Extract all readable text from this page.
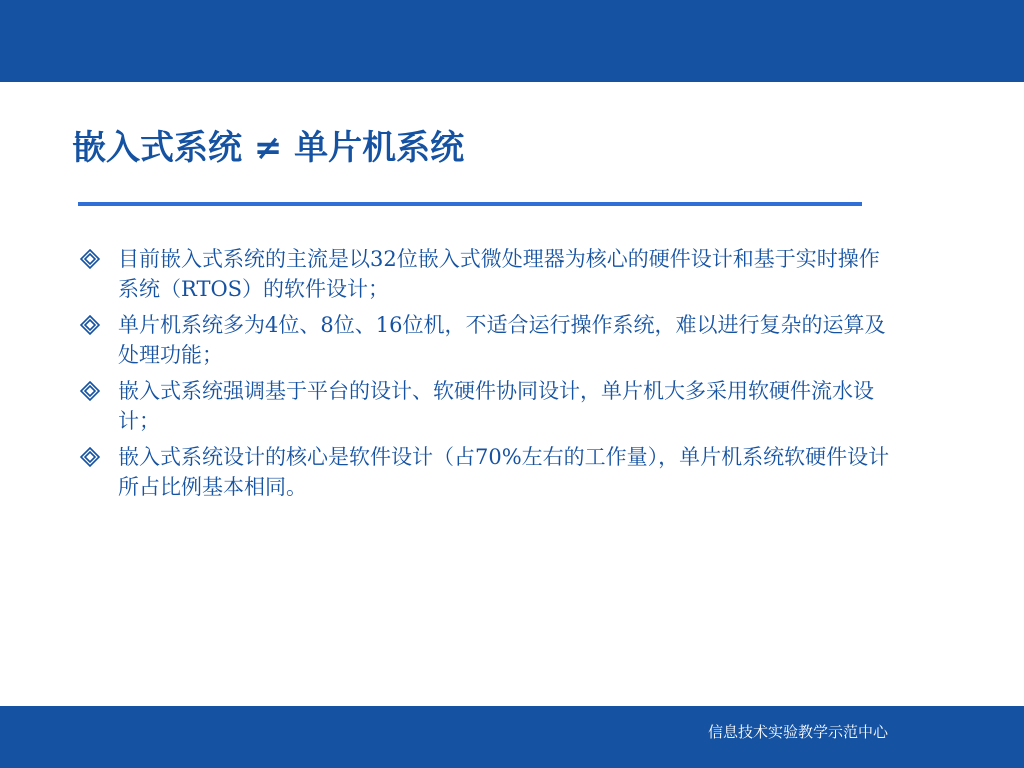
嵌入式系统 ≠ 单片机系统
目前嵌入式系统的主流是以32位嵌入式微处理器为核心的硬件设计和基于实时操作系统（RTOS）的软件设计；
单片机系统多为4位、8位、16位机，不适合运行操作系统，难以进行复杂的运算及处理功能；
嵌入式系统强调基于平台的设计、软硬件协同设计，单片机大多采用软硬件流水设计；
嵌入式系统设计的核心是软件设计（占70%左右的工作量），单片机系统软硬件设计所占比例基本相同。
信息技术实验教学示范中心
